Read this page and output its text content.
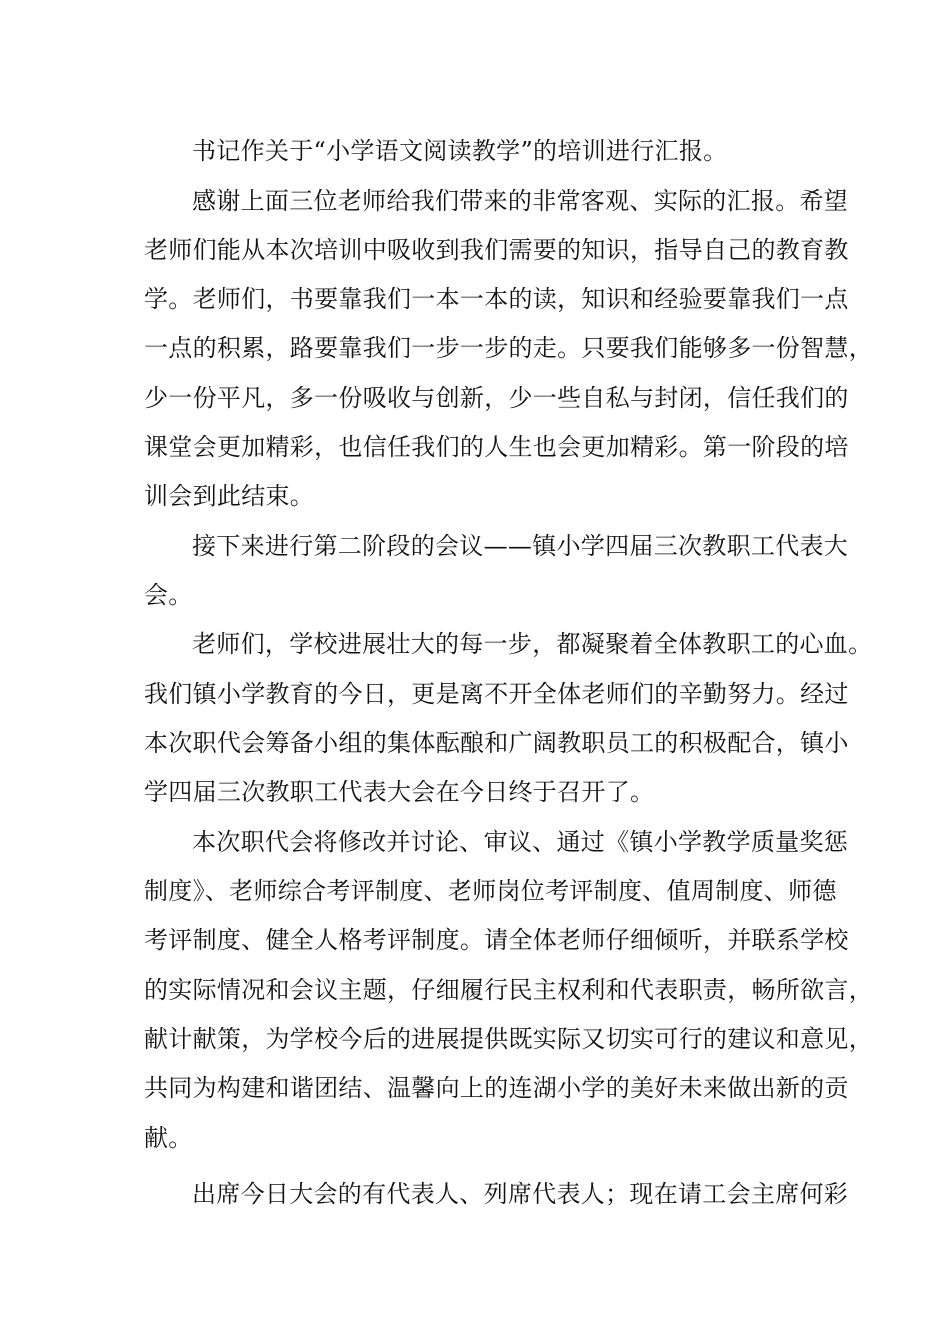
书记作关于“小学语文阅读教学”的培训进行汇报。
感谢上面三位老师给我们带来的非常客观、实际的汇报。希望
老师们能从本次培训中吸收到我们需要的知识，指导自己的教育教
学。老师们，书要靠我们一本一本的读，知识和经验要靠我们一点
一点的积累，路要靠我们一步一步的走。只要我们能够多一份智慧，
少一份平凡，多一份吸收与创新，少一些自私与封闭，信任我们的
课堂会更加精彩，也信任我们的人生也会更加精彩。第一阶段的培
训会到此结束。
接下来进行第二阶段的会议——镇小学四届三次教职工代表大
会。
老师们，学校进展壮大的每一步，都凝聚着全体教职工的心血。
我们镇小学教育的今日，更是离不开全体老师们的辛勤努力。经过
本次职代会筹备小组的集体酝酿和广阔教职员工的积极配合，镇小
学四届三次教职工代表大会在今日终于召开了。
本次职代会将修改并讨论、审议、通过《镇小学教学质量奖惩
制度》、老师综合考评制度、老师岗位考评制度、值周制度、师德
考评制度、健全人格考评制度。请全体老师仔细倾听，并联系学校
的实际情况和会议主题，仔细履行民主权利和代表职责，畅所欲言，
献计献策，为学校今后的进展提供既实际又切实可行的建议和意见，
共同为构建和谐团结、温馨向上的连湖小学的美好未来做出新的贡
献。
出席今日大会的有代表人、列席代表人；现在请工会主席何彩
